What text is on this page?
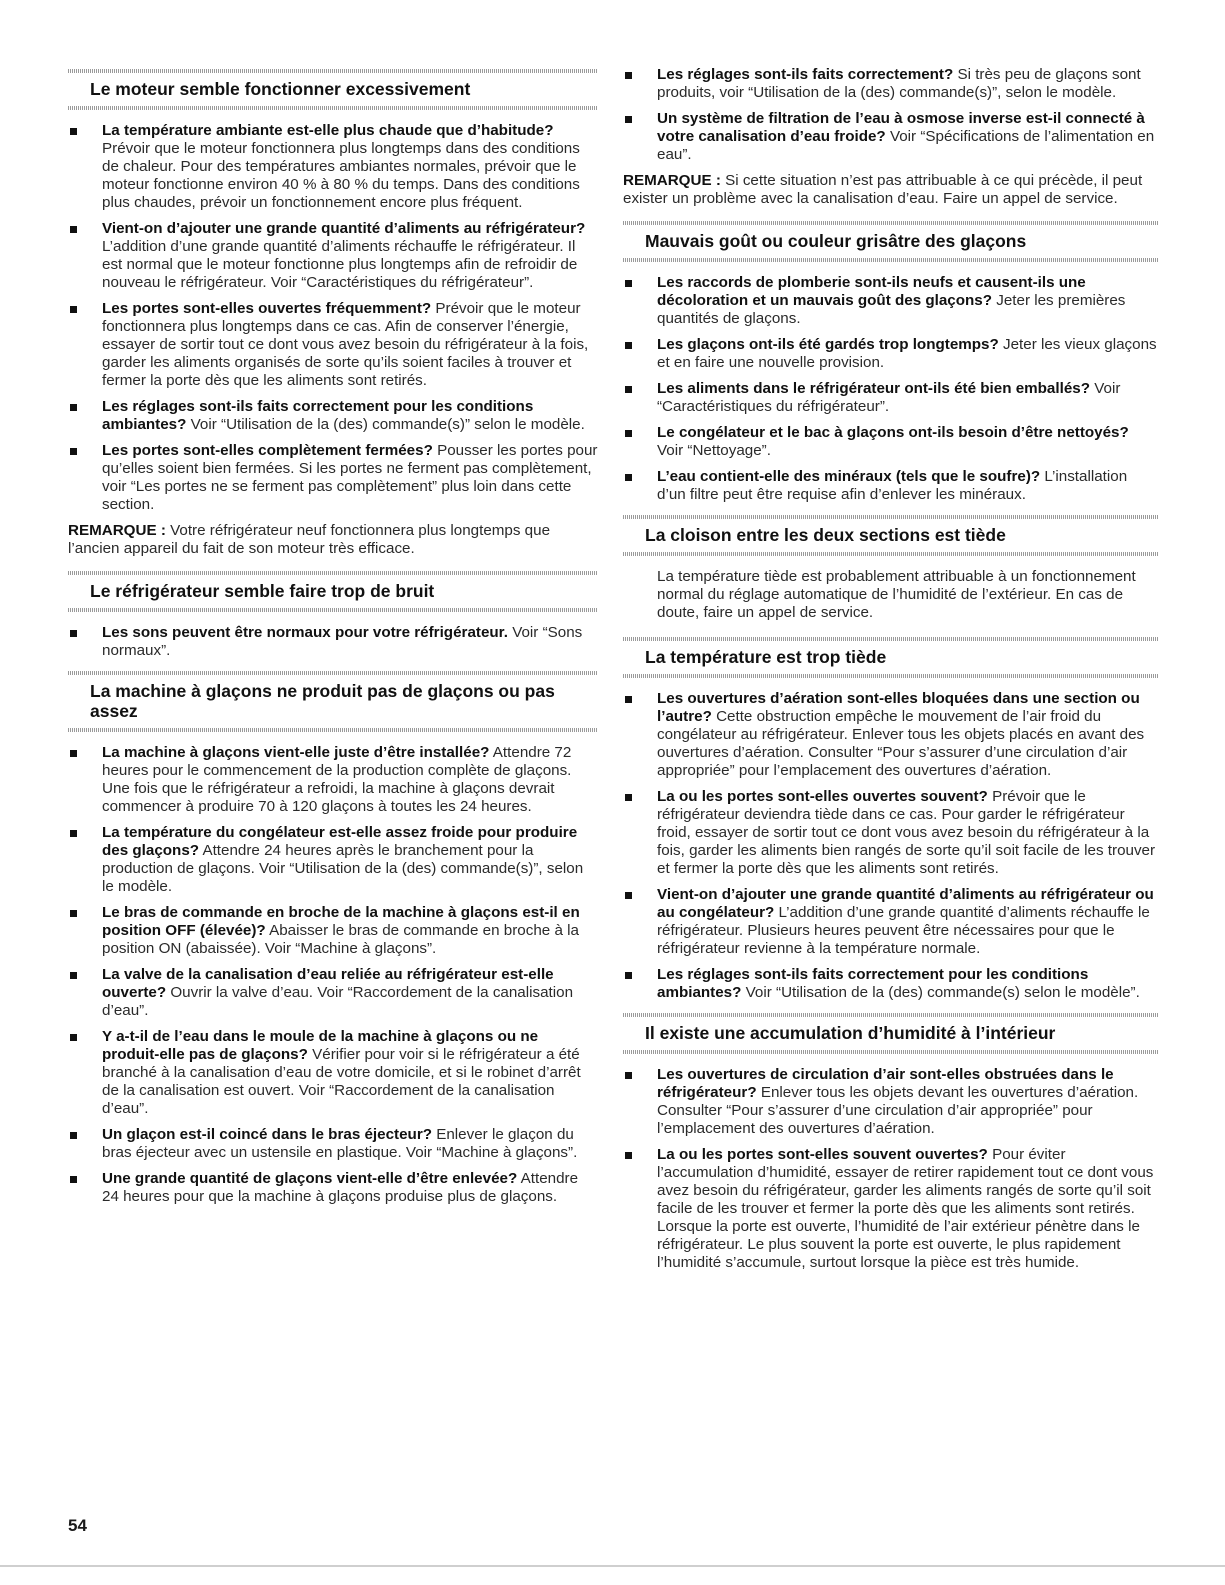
Le moteur semble fonctionner excessivement
La température ambiante est-elle plus chaude que d’habitude? Prévoir que le moteur fonctionnera plus longtemps dans des conditions de chaleur. Pour des températures ambiantes normales, prévoir que le moteur fonctionne environ 40 % à 80 % du temps. Dans des conditions plus chaudes, prévoir un fonctionnement encore plus fréquent.
Vient-on d’ajouter une grande quantité d’aliments au réfrigérateur? L’addition d’une grande quantité d’aliments réchauffe le réfrigérateur. Il est normal que le moteur fonctionne plus longtemps afin de refroidir de nouveau le réfrigérateur. Voir “Caractéristiques du réfrigérateur”.
Les portes sont-elles ouvertes fréquemment? Prévoir que le moteur fonctionnera plus longtemps dans ce cas. Afin de conserver l’énergie, essayer de sortir tout ce dont vous avez besoin du réfrigérateur à la fois, garder les aliments organisés de sorte qu’ils soient faciles à trouver et fermer la porte dès que les aliments sont retirés.
Les réglages sont-ils faits correctement pour les conditions ambiantes? Voir “Utilisation de la (des) commande(s)” selon le modèle.
Les portes sont-elles complètement fermées? Pousser les portes pour qu’elles soient bien fermées. Si les portes ne ferment pas complètement, voir “Les portes ne se ferment pas complètement” plus loin dans cette section.

REMARQUE : Votre réfrigérateur neuf fonctionnera plus longtemps que l’ancien appareil du fait de son moteur très efficace.

Le réfrigérateur semble faire trop de bruit
Les sons peuvent être normaux pour votre réfrigérateur. Voir “Sons normaux”.
La machine à glaçons ne produit pas de glaçons ou pas assez
La machine à glaçons vient-elle juste d’être installée? Attendre 72 heures pour le commencement de la production complète de glaçons. Une fois que le réfrigérateur a refroidi, la machine à glaçons devrait commencer à produire 70 à 120 glaçons à toutes les 24 heures.
La température du congélateur est-elle assez froide pour produire des glaçons? Attendre 24 heures après le branchement pour la production de glaçons. Voir “Utilisation de la (des) commande(s)”, selon le modèle.
Le bras de commande en broche de la machine à glaçons est-il en position OFF (élevée)? Abaisser le bras de commande en broche à la position ON (abaissée). Voir “Machine à glaçons”.
La valve de la canalisation d’eau reliée au réfrigérateur est-elle ouverte? Ouvrir la valve d’eau. Voir “Raccordement de la canalisation d’eau”.
Y a-t-il de l’eau dans le moule de la machine à glaçons ou ne produit-elle pas de glaçons? Vérifier pour voir si le réfrigérateur a été branché à la canalisation d’eau de votre domicile, et si le robinet d’arrêt de la canalisation est ouvert. Voir “Raccordement de la canalisation d’eau”.
Un glaçon est-il coincé dans le bras éjecteur? Enlever le glaçon du bras éjecteur avec un ustensile en plastique. Voir “Machine à glaçons”.
Une grande quantité de glaçons vient-elle d’être enlevée? Attendre 24 heures pour que la machine à glaçons produise plus de glaçons.
Les réglages sont-ils faits correctement? Si très peu de glaçons sont produits, voir “Utilisation de la (des) commande(s)”, selon le modèle.
Un système de filtration de l’eau à osmose inverse est-il connecté à votre canalisation d’eau froide? Voir “Spécifications de l’alimentation en eau”.

REMARQUE : Si cette situation n’est pas attribuable à ce qui précède, il peut exister un problème avec la canalisation d’eau. Faire un appel de service.

Mauvais goût ou couleur grisâtre des glaçons
Les raccords de plomberie sont-ils neufs et causent-ils une décoloration et un mauvais goût des glaçons? Jeter les premières quantités de glaçons.
Les glaçons ont-ils été gardés trop longtemps? Jeter les vieux glaçons et en faire une nouvelle provision.
Les aliments dans le réfrigérateur ont-ils été bien emballés? Voir “Caractéristiques du réfrigérateur”.
Le congélateur et le bac à glaçons ont-ils besoin d’être nettoyés? Voir “Nettoyage”.
L’eau contient-elle des minéraux (tels que le soufre)? L’installation d’un filtre peut être requise afin d’enlever les minéraux.
La cloison entre les deux sections est tiède

La température tiède est probablement attribuable à un fonctionnement normal du réglage automatique de l’humidité de l’extérieur. En cas de doute, faire un appel de service.

La température est trop tiède
Les ouvertures d’aération sont-elles bloquées dans une section ou l’autre? Cette obstruction empêche le mouvement de l’air froid du congélateur au réfrigérateur. Enlever tous les objets placés en avant des ouvertures d’aération. Consulter “Pour s’assurer d’une circulation d’air appropriée” pour l’emplacement des ouvertures d’aération.
La ou les portes sont-elles ouvertes souvent? Prévoir que le réfrigérateur deviendra tiède dans ce cas. Pour garder le réfrigérateur froid, essayer de sortir tout ce dont vous avez besoin du réfrigérateur à la fois, garder les aliments bien rangés de sorte qu’il soit facile de les trouver et fermer la porte dès que les aliments sont retirés.
Vient-on d’ajouter une grande quantité d’aliments au réfrigérateur ou au congélateur? L’addition d’une grande quantité d’aliments réchauffe le réfrigérateur. Plusieurs heures peuvent être nécessaires pour que le réfrigérateur revienne à la température normale.
Les réglages sont-ils faits correctement pour les conditions ambiantes? Voir “Utilisation de la (des) commande(s) selon le modèle”.
Il existe une accumulation d’humidité à l’intérieur
Les ouvertures de circulation d’air sont-elles obstruées dans le réfrigérateur? Enlever tous les objets devant les ouvertures d’aération. Consulter “Pour s’assurer d’une circulation d’air appropriée” pour l’emplacement des ouvertures d’aération.
La ou les portes sont-elles souvent ouvertes? Pour éviter l’accumulation d’humidité, essayer de retirer rapidement tout ce dont vous avez besoin du réfrigérateur, garder les aliments rangés de sorte qu’il soit facile de les trouver et fermer la porte dès que les aliments sont retirés. Lorsque la porte est ouverte, l’humidité de l’air extérieur pénètre dans le réfrigérateur. Le plus souvent la porte est ouverte, le plus rapidement l’humidité s’accumule, surtout lorsque la pièce est très humide.
54
